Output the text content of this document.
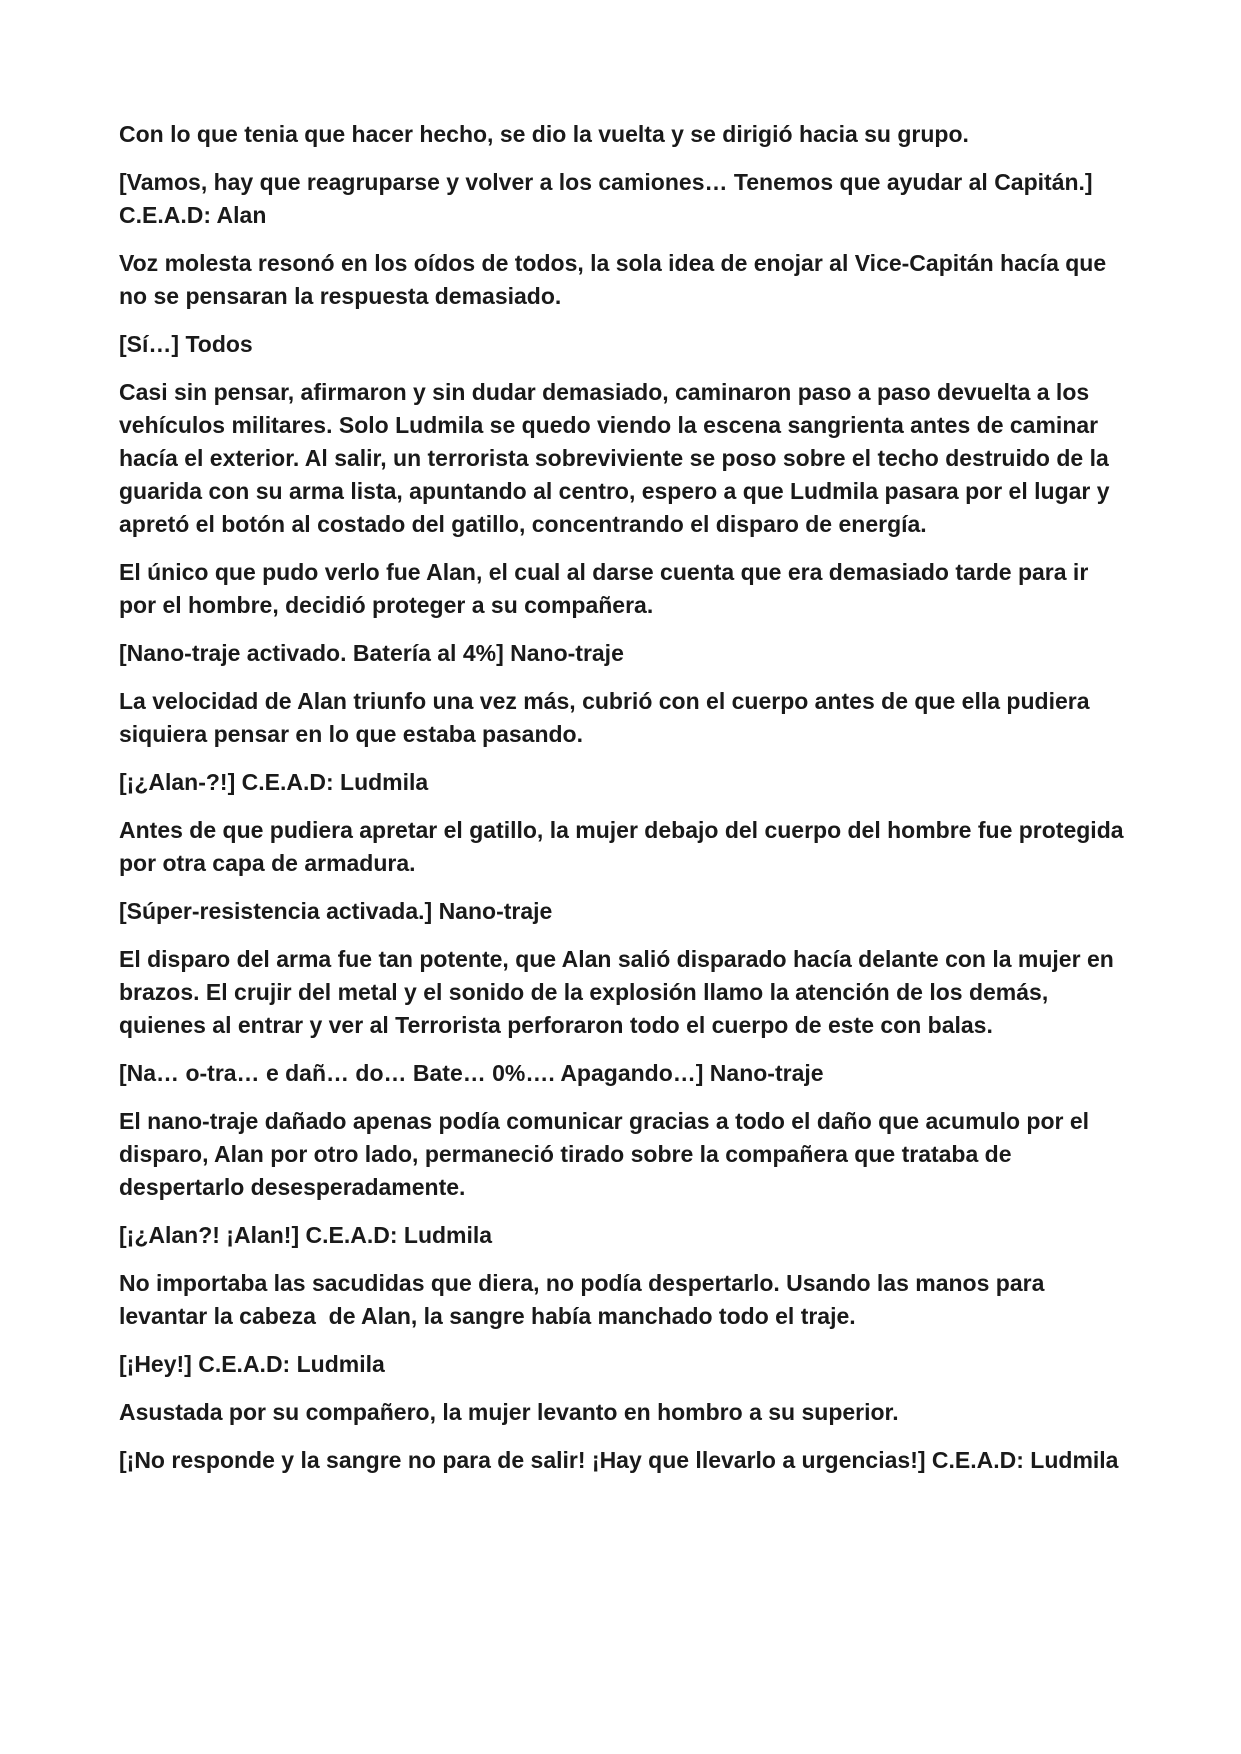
Con lo que tenia que hacer hecho, se dio la vuelta y se dirigió hacia su grupo.

[Vamos, hay que reagruparse y volver a los camiones… Tenemos que ayudar al Capitán.] C.E.A.D: Alan

Voz molesta resonó en los oídos de todos, la sola idea de enojar al Vice-Capitán hacía que no se pensaran la respuesta demasiado.

[Sí…] Todos

Casi sin pensar, afirmaron y sin dudar demasiado, caminaron paso a paso devuelta a los vehículos militares. Solo Ludmila se quedo viendo la escena sangrienta antes de caminar hacía el exterior. Al salir, un terrorista sobreviviente se poso sobre el techo destruido de la guarida con su arma lista, apuntando al centro, espero a que Ludmila pasara por el lugar y apretó el botón al costado del gatillo, concentrando el disparo de energía.

El único que pudo verlo fue Alan, el cual al darse cuenta que era demasiado tarde para ir por el hombre, decidió proteger a su compañera.

[Nano-traje activado. Batería al 4%] Nano-traje

La velocidad de Alan triunfo una vez más, cubrió con el cuerpo antes de que ella pudiera siquiera pensar en lo que estaba pasando.

[¡¿Alan-?!] C.E.A.D: Ludmila

Antes de que pudiera apretar el gatillo, la mujer debajo del cuerpo del hombre fue protegida por otra capa de armadura.

[Súper-resistencia activada.] Nano-traje

El disparo del arma fue tan potente, que Alan salió disparado hacía delante con la mujer en brazos. El crujir del metal y el sonido de la explosión llamo la atención de los demás, quienes al entrar y ver al Terrorista perforaron todo el cuerpo de este con balas.

[Na… o-tra… e dañ… do… Bate… 0%…. Apagando…] Nano-traje

El nano-traje dañado apenas podía comunicar gracias a todo el daño que acumulo por el disparo, Alan por otro lado, permaneció tirado sobre la compañera que trataba de despertarlo desesperadamente.

[¡¿Alan?! ¡Alan!] C.E.A.D: Ludmila

No importaba las sacudidas que diera, no podía despertarlo. Usando las manos para levantar la cabeza  de Alan, la sangre había manchado todo el traje.

[¡Hey!] C.E.A.D: Ludmila

Asustada por su compañero, la mujer levanto en hombro a su superior.

[¡No responde y la sangre no para de salir! ¡Hay que llevarlo a urgencias!] C.E.A.D: Ludmila
